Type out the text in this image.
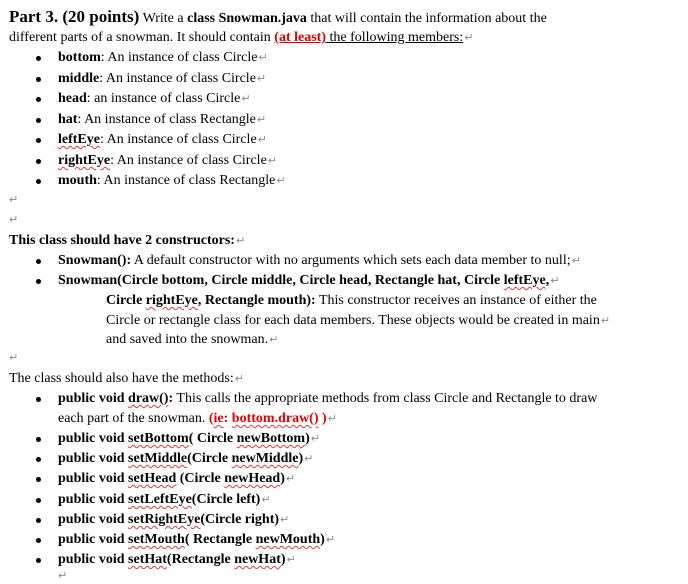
Part 3. (20 points) Write a class Snowman.java that will contain the information about the
different parts of a snowman. It should contain (at least) the following members:↵
bottom: An instance of class Circle↵
middle: An instance of class Circle↵
head: an instance of class Circle↵
hat: An instance of class Rectangle↵
leftEye: An instance of class Circle↵
rightEye: An instance of class Circle↵
mouth: An instance of class Rectangle↵
↵
↵
This class should have 2 constructors:↵
Snowman(): A default constructor with no arguments which sets each data member to null;↵
Snowman(Circle bottom, Circle middle, Circle head, Rectangle hat, Circle leftEye,↵
Circle rightEye, Rectangle mouth): This constructor receives an instance of either the
Circle or rectangle class for each data members. These objects would be created in main↵
and saved into the snowman.↵
↵
The class should also have the methods:↵
public void draw(): This calls the appropriate methods from class Circle and Rectangle to draw
each part of the snowman. (ie: bottom.draw() )↵
public void setBottom( Circle newBottom)↵
public void setMiddle(Circle newMiddle)↵
public void setHead (Circle newHead)↵
public void setLeftEye(Circle left)↵
public void setRightEye(Circle right)↵
public void setMouth( Rectangle newMouth)↵
public void setHat(Rectangle newHat)↵
↵
